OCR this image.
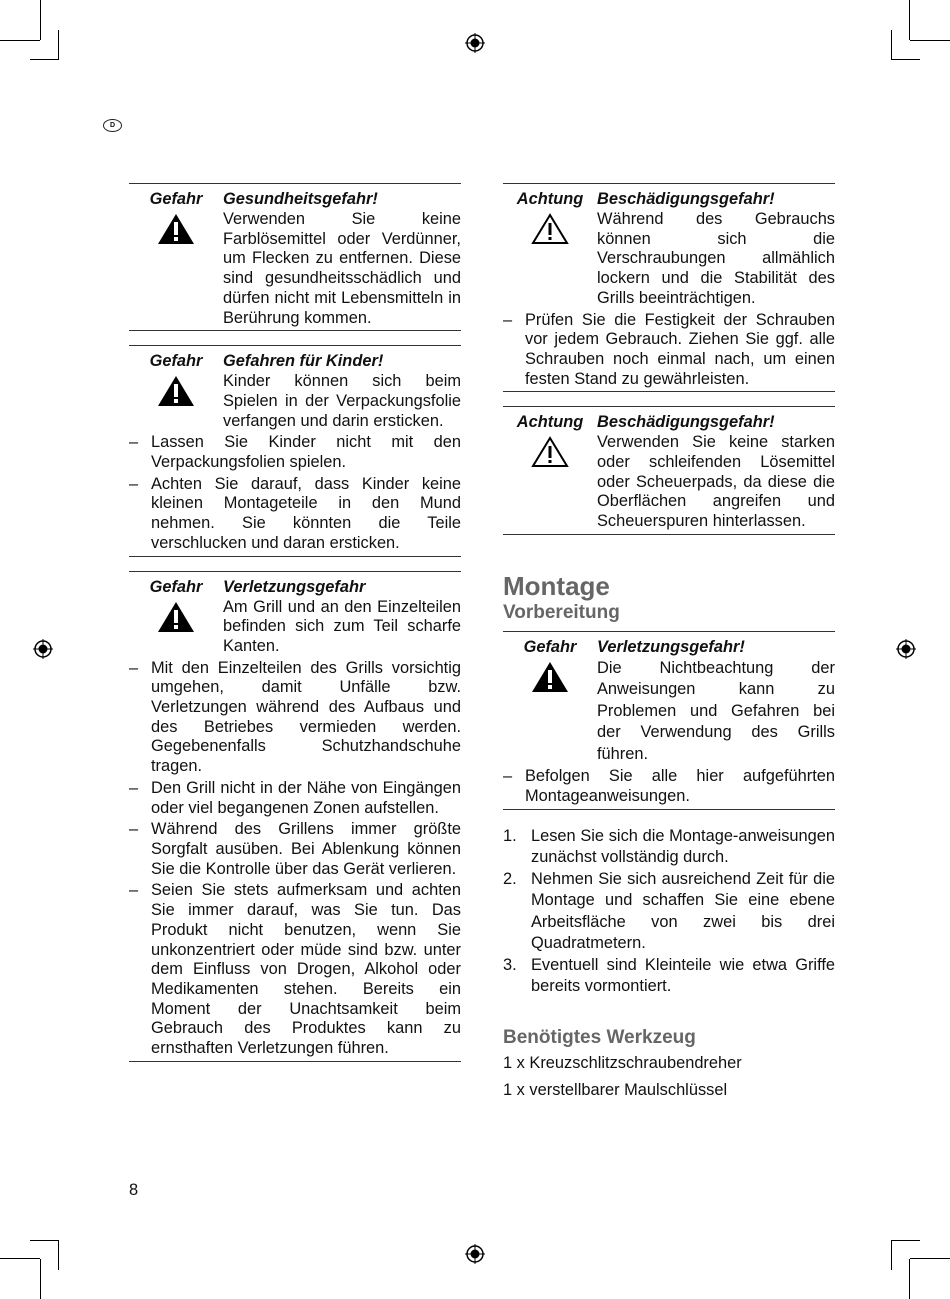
D
Gefahr	Gesundheitsgefahr!
Verwenden Sie keine Farblösemittel oder Verdünner, um Flecken zu entfernen. Diese sind gesundheitsschädlich und dürfen nicht mit Lebensmitteln in Berührung kommen.
Gefahr	Gefahren für Kinder!
Kinder können sich beim Spielen in der Verpackungsfolie verfangen und darin ersticken.
– Lassen Sie Kinder nicht mit den Verpackungsfolien spielen.
– Achten Sie darauf, dass Kinder keine kleinen Montageteile in den Mund nehmen. Sie könnten die Teile verschlucken und daran ersticken.
Gefahr	Verletzungsgefahr
Am Grill und an den Einzelteilen befinden sich zum Teil scharfe Kanten.
– Mit den Einzelteilen des Grills vorsichtig umgehen, damit Unfälle bzw. Verletzungen während des Aufbaus und des Betriebes vermieden werden. Gegebenenfalls Schutzhandschuhe tragen.
– Den Grill nicht in der Nähe von Eingängen oder viel begangenen Zonen aufstellen.
– Während des Grillens immer größte Sorgfalt ausüben. Bei Ablenkung können Sie die Kontrolle über das Gerät verlieren.
– Seien Sie stets aufmerksam und achten Sie immer darauf, was Sie tun. Das Produkt nicht benutzen, wenn Sie unkonzentriert oder müde sind bzw. unter dem Einfluss von Drogen, Alkohol oder Medikamenten stehen. Bereits ein Moment der Unachtsamkeit beim Gebrauch des Produktes kann zu ernsthaften Verletzungen führen.
Achtung Beschädigungsgefahr!
Während des Gebrauchs können sich die Verschraubungen allmählich lockern und die Stabilität des Grills beeinträchtigen.
– Prüfen Sie die Festigkeit der Schrauben vor jedem Gebrauch. Ziehen Sie ggf. alle Schrauben noch einmal nach, um einen festen Stand zu gewährleisten.
Achtung Beschädigungsgefahr!
Verwenden Sie keine starken oder schleifenden Lösemittel oder Scheuerpads, da diese die Oberflächen angreifen und Scheuerspuren hinterlassen.
Montage
Vorbereitung
Gefahr	Verletzungsgefahr!
Die Nichtbeachtung der Anweisungen kann zu Problemen und Gefahren bei der Verwendung des Grills führen.
– Befolgen Sie alle hier aufgeführten Montageanweisungen.
1. Lesen Sie sich die Montage-anweisungen zunächst vollständig durch.
2. Nehmen Sie sich ausreichend Zeit für die Montage und schaffen Sie eine ebene Arbeitsfläche von zwei bis drei Quadratmetern.
3. Eventuell sind Kleinteile wie etwa Griffe bereits vormontiert.
Benötigtes Werkzeug
1 x Kreuzschlitzschraubendreher
1 x verstellbarer Maulschlüssel
8
